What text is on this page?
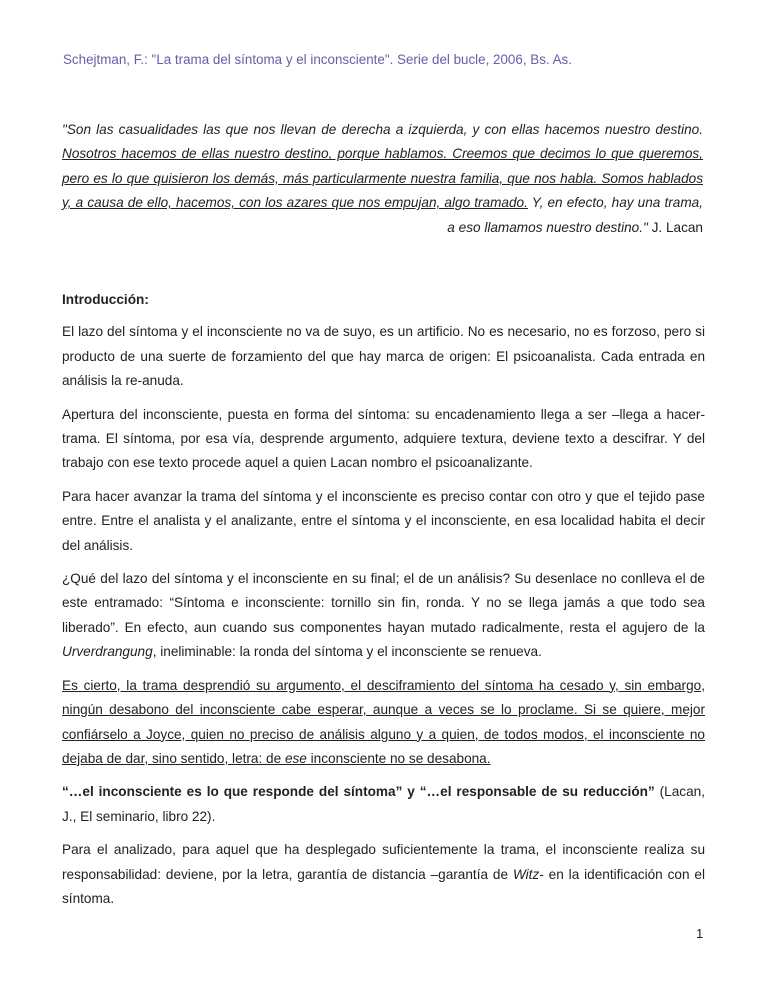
Schejtman, F.: "La trama del síntoma y el inconsciente". Serie del bucle, 2006, Bs. As.
"Son las casualidades las que nos llevan de derecha a izquierda, y con ellas hacemos nuestro destino. Nosotros hacemos de ellas nuestro destino, porque hablamos. Creemos que decimos lo que queremos, pero es lo que quisieron los demás, más particularmente nuestra familia, que nos habla. Somos hablados y, a causa de ello, hacemos, con los azares que nos empujan, algo tramado. Y, en efecto, hay una trama, a eso llamamos nuestro destino." J. Lacan

Introducción:

El lazo del síntoma y el inconsciente no va de suyo, es un artificio. No es necesario, no es forzoso, pero si producto de una suerte de forzamiento del que hay marca de origen: El psicoanalista. Cada entrada en análisis la re-anuda.

Apertura del inconsciente, puesta en forma del síntoma: su encadenamiento llega a ser –llega a hacer-trama. El síntoma, por esa vía, desprende argumento, adquiere textura, deviene texto a descifrar. Y del trabajo con ese texto procede aquel a quien Lacan nombro el psicoanalizante.

Para hacer avanzar la trama del síntoma y el inconsciente es preciso contar con otro y que el tejido pase entre. Entre el analista y el analizante, entre el síntoma y el inconsciente, en esa localidad habita el decir del análisis.

¿Qué del lazo del síntoma y el inconsciente en su final; el de un análisis? Su desenlace no conlleva el de este entramado: “Síntoma e inconsciente: tornillo sin fin, ronda. Y no se llega jamás a que todo sea liberado”. En efecto, aun cuando sus componentes hayan mutado radicalmente, resta el agujero de la Urverdrangung, ineliminable: la ronda del síntoma y el inconsciente se renueva.

Es cierto, la trama desprendió su argumento, el desciframiento del síntoma ha cesado y, sin embargo, ningún desabono del inconsciente cabe esperar, aunque a veces se lo proclame. Si se quiere, mejor confiárselo a Joyce, quien no preciso de análisis alguno y a quien, de todos modos, el inconsciente no dejaba de dar, sino sentido, letra: de ese inconsciente no se desabona.

“…el inconsciente es lo que responde del síntoma” y “…el responsable de su reducción” (Lacan, J., El seminario, libro 22).

Para el analizado, para aquel que ha desplegado suficientemente la trama, el inconsciente realiza su responsabilidad: deviene, por la letra, garantía de distancia –garantía de Witz- en la identificación con el síntoma.

1
